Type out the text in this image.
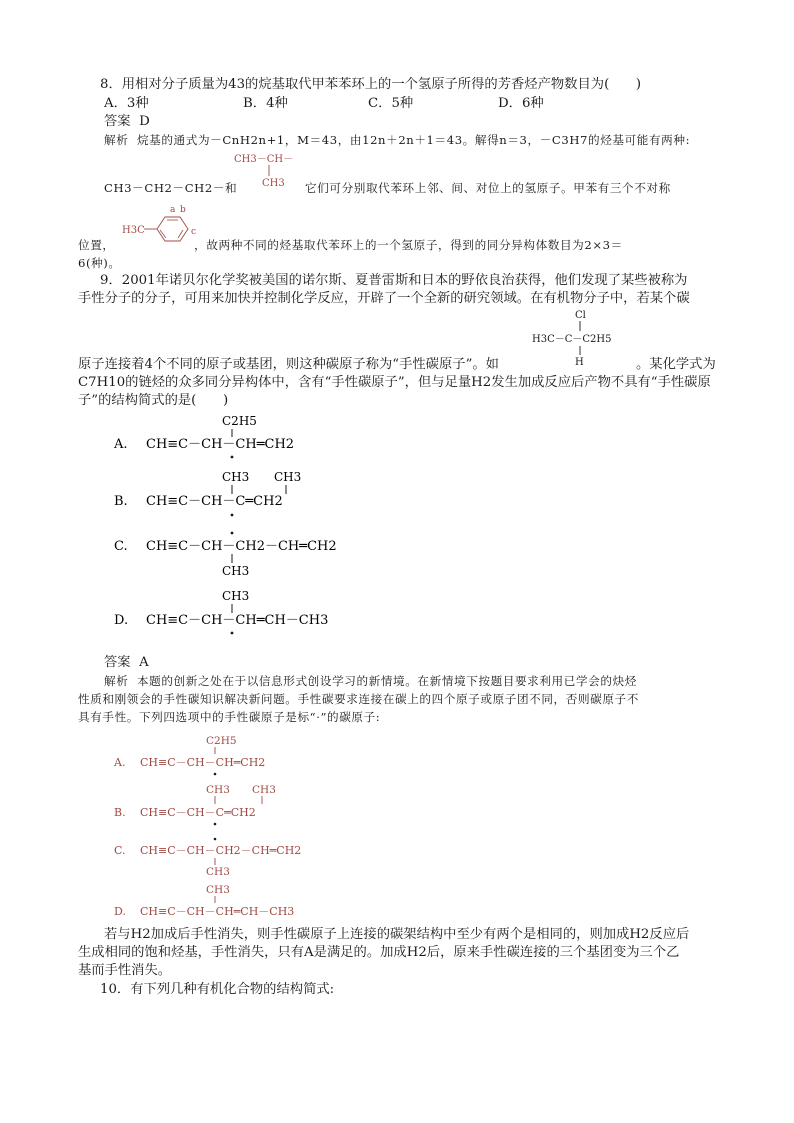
8．用相对分子质量为43的烷基取代甲苯苯环上的一个氢原子所得的芳香烃产物数目为(　　)
A．3种	B．4种	C．5种	D．6种
答案 D
解析 烷基的通式为－CnH2n+1，M＝43，由12n＋2n＋1＝43。解得n＝3，－C3H7的烃基可能有两种:
CH3－CH－
CH3
CH3－CH2－CH2－和	它们可分别取代苯环上邻、间、对位上的氢原子。甲苯有三个不对称
H3C
a b
c
位置，　　　　　　　，故两种不同的烃基取代苯环上的一个氢原子，得到的同分异构体数目为2×3＝
6(种)。
9．2001年诺贝尔化学奖被美国的诺尔斯、夏普雷斯和日本的野依良治获得，他们发现了某些被称为
手性分子的分子，可用来加快并控制化学反应，开辟了一个全新的研究领域。在有机物分子中，若某个碳
Cl
H3C－C－C2H5
H
原子连接着4个不同的原子或基团，则这种碳原子称为“手性碳原子”。如	。某化学式为
C7H10的链烃的众多同分异构体中，含有“手性碳原子”，但与足量H2发生加成反应后产物不具有“手性碳原
子”的结构简式的是(　　)
C2H5
A. CH≡C－CH－CH═CH2
CH3 CH3
B. CH≡C－CH－C═CH2
C. CH≡C－CH－CH2－CH═CH2
CH3
CH3
D. CH≡C－CH－CH═CH－CH3
答案 A
解析 本题的创新之处在于以信息形式创设学习的新情境。在新情境下按题目要求利用已学会的炔烃
性质和刚领会的手性碳知识解决新问题。手性碳要求连接在碳上的四个原子或原子团不同，否则碳原子不
具有手性。下列四选项中的手性碳原子是标“·”的碳原子:
C2H5
A. CH≡C－CH－CH═CH2
CH3 CH3
B. CH≡C－CH－C═CH2
C. CH≡C－CH－CH2－CH═CH2
CH3
CH3
D. CH≡C－CH－CH═CH－CH3
若与H2加成后手性消失，则手性碳原子上连接的碳架结构中至少有两个是相同的，则加成H2反应后
生成相同的饱和烃基，手性消失，只有A是满足的。加成H2后，原来手性碳连接的三个基团变为三个乙
基而手性消失。
10．有下列几种有机化合物的结构简式:
